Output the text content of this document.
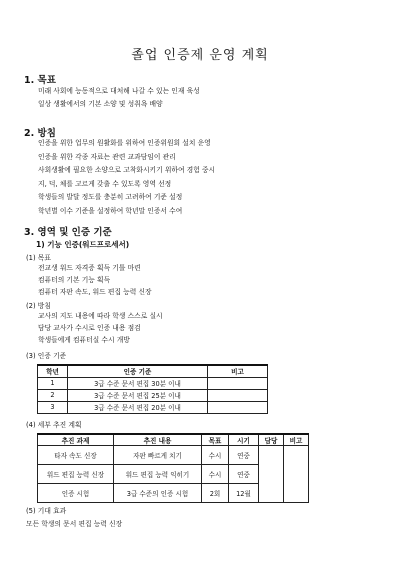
졸업 인증제 운영 계획
1. 목표
미래 사회에 능동적으로 대처해 나갈 수 있는 인재 육성
일상 생활에서의 기본 소양 및 성취욕 배양
2. 방침
인증을 위한 업무의 원활화를 위하여 인증위원회 설치 운영
인증을 위한 각종 자료는 관련 교과담임이 관리
사회생활에 필요한 소양으로 고착화시키기 위하여 경험 중시
지, 덕, 체를 고르게 갖출 수 있도록 영역 선정
학생들의 발달 정도를 충분히 고려하여 기준 설정
학년별 이수 기준을 설정하여 학년말 인증서 수여
3. 영역 및 인증 기준
1) 기능 인증(워드프로세서)
(1) 목표
전교생 워드 자격증 획득 기틀 마련
컴퓨터의 기본 기능 획득
컴퓨터 자판 속도, 워드 편집 능력 신장
(2) 방침
교사의 지도 내용에 따라 학생 스스로 실시
담당 교사가 수시로 인증 내용 점검
학생들에게 컴퓨터실 수시 개방
(3) 인증 기준
학년	인증 기준	비고
1	3급 수준 문서 편집 30분 이내	
2	3급 수준 문서 편집 25분 이내	
3	3급 수준 문서 편집 20분 이내	
(4) 세부 추진 계획
추진 과제	추진 내용	목표	시기	담당	비고
타자 속도 신장	자판 빠르게 치기	수시	연중		
워드 편집 능력 신장	워드 편집 능력 익히기	수시	연중		
인증 시험	3급 수준의 인증 시험	2회	12월		
(5) 기대 효과
모든 학생의 문서 편집 능력 신장
